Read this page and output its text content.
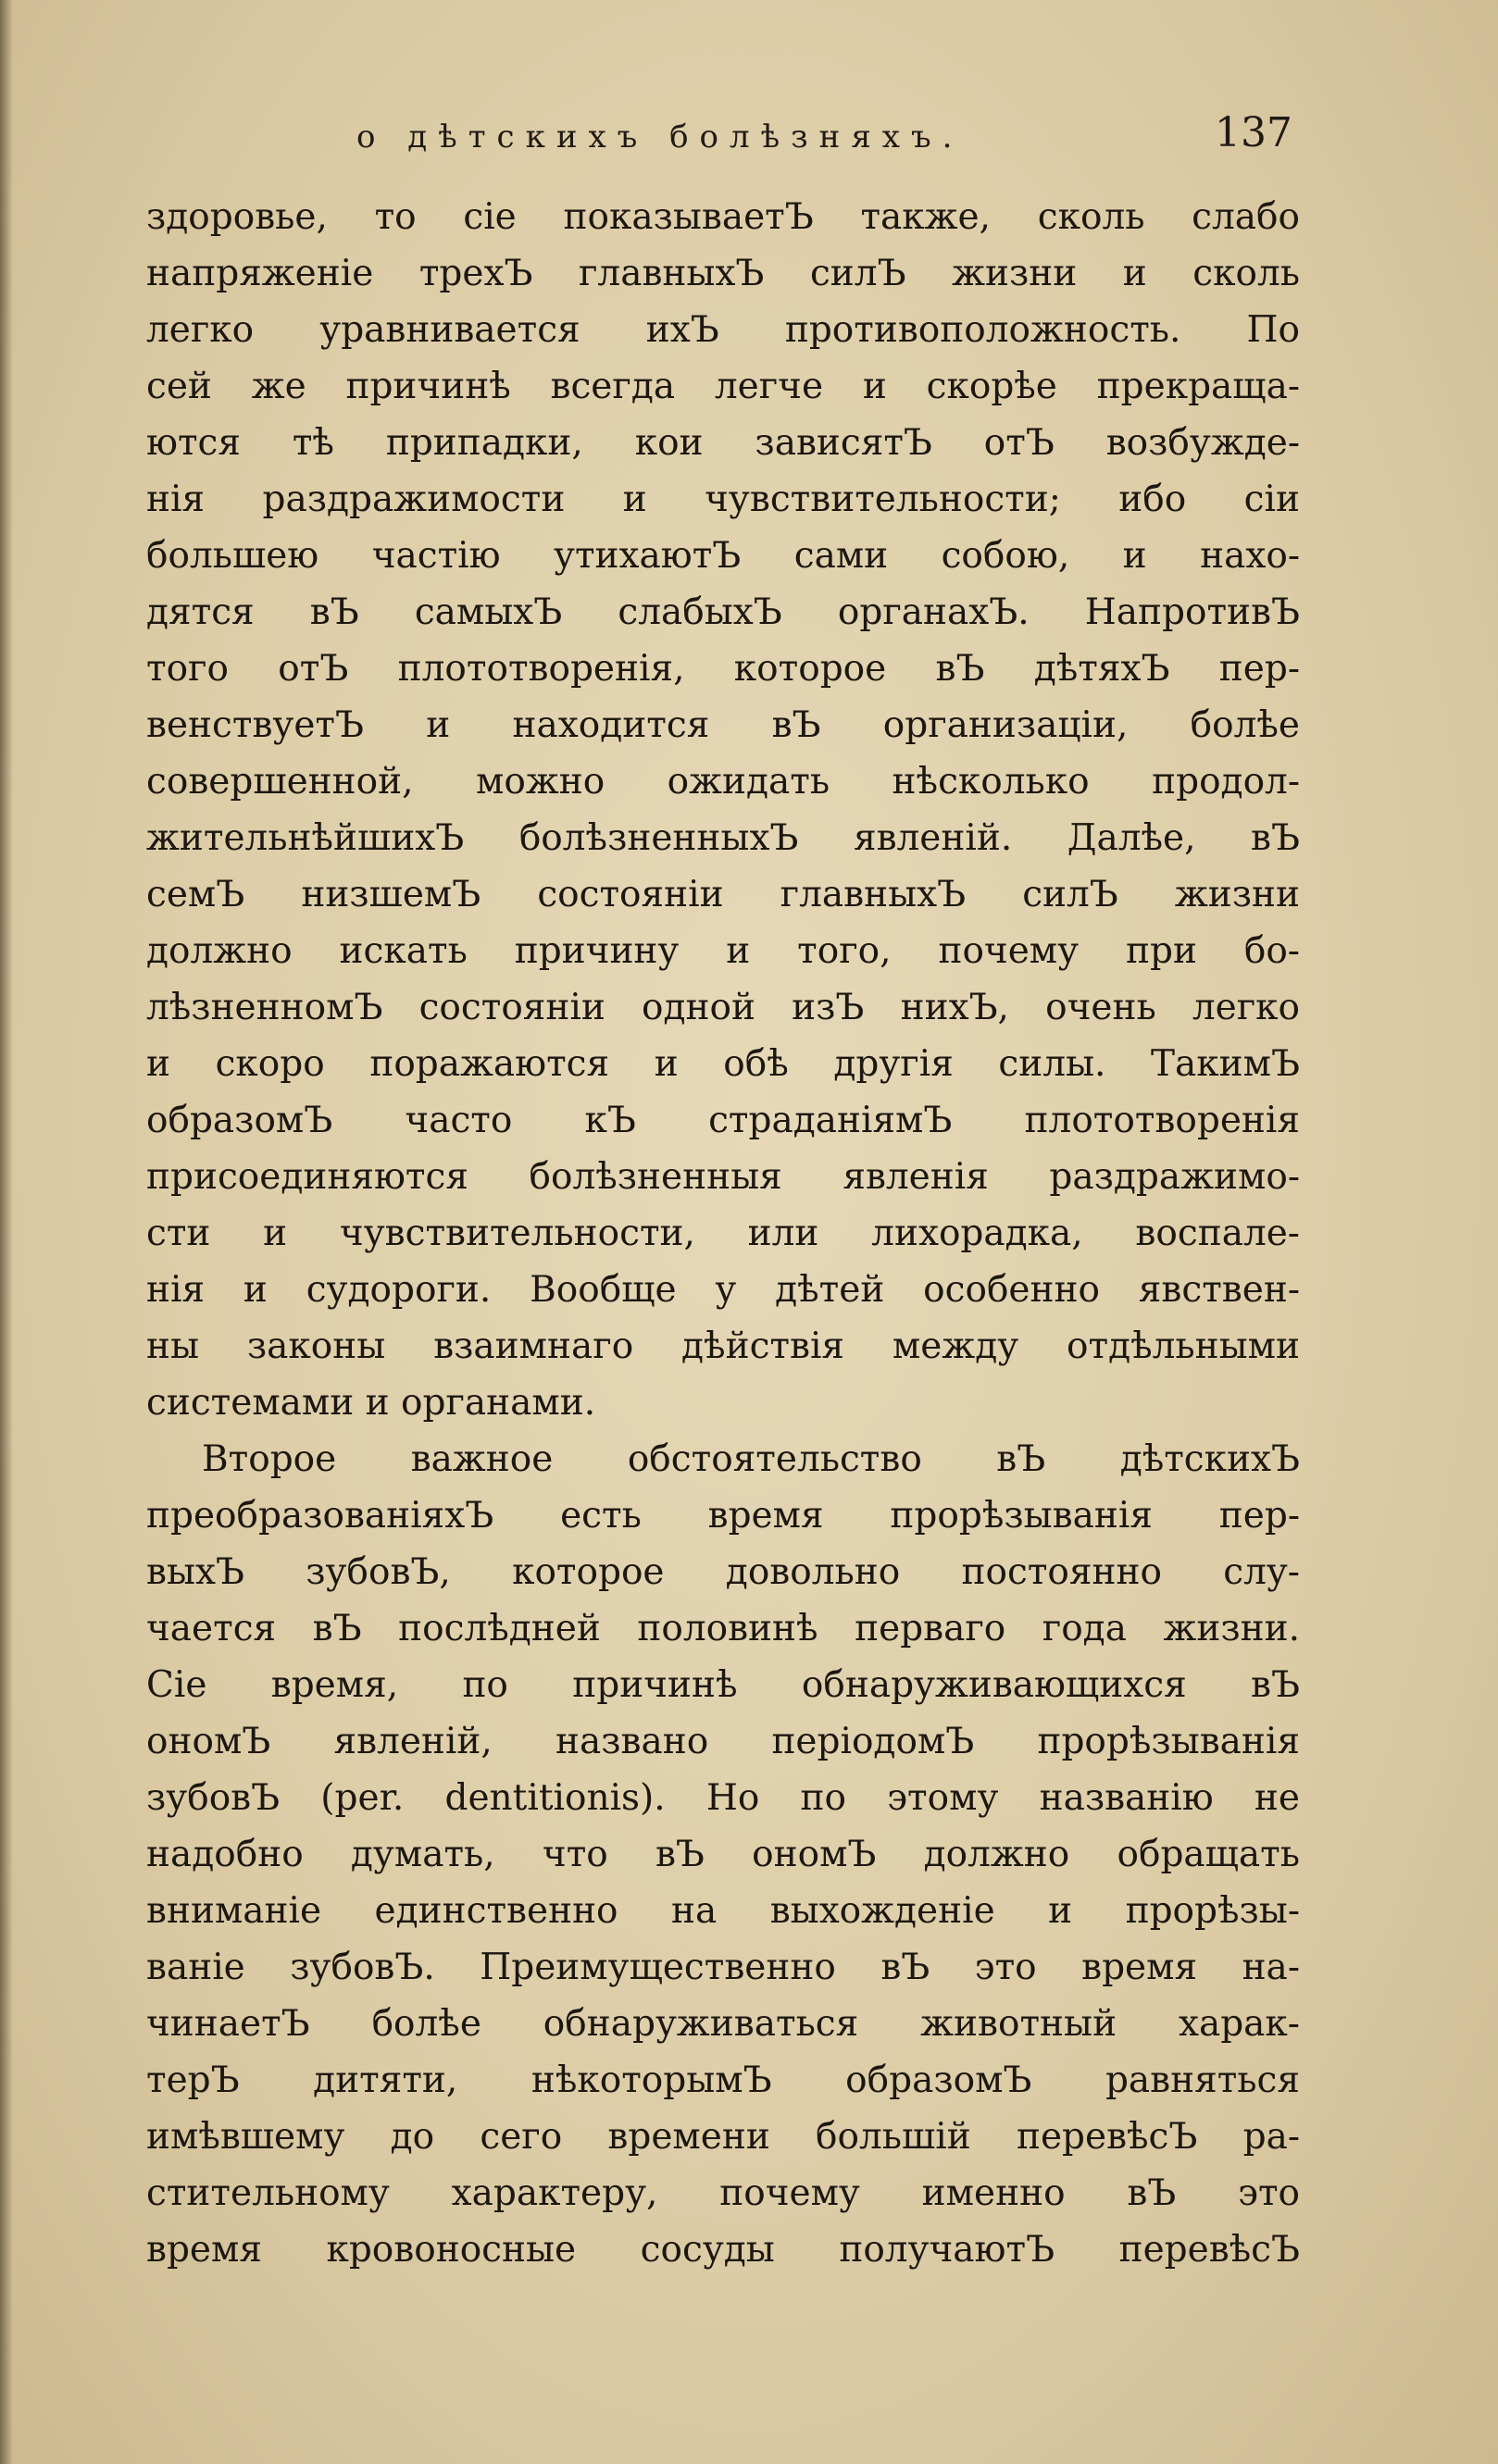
о дѣтскихъ болѣзняхъ.	137
здоровье, то сіе показываетЪ также, сколь слабо
напряженіе трехЪ главныхЪ силЪ жизни и сколь
легко уравнивается ихЪ противоположность. По
сей же причинѣ всегда легче и скорѣе прекраща-
ются тѣ припадки, кои зависятЪ отЪ возбужде-
нія раздражимости и чувствительности; ибо сіи
большею частію утихаютЪ сами собою, и нахо-
дятся вЪ самыхЪ слабыхЪ органахЪ. НапротивЪ
того отЪ плототворенія, которое вЪ дѣтяхЪ пер-
венствуетЪ и находится вЪ организаціи, болѣе
совершенной, можно ожидать нѣсколько продол-
жительнѣйшихЪ болѣзненныхЪ явленій. Далѣе, вЪ
семЪ низшемЪ состояніи главныхЪ силЪ жизни
должно искать причину и того, почему при бо-
лѣзненномЪ состояніи одной изЪ нихЪ, очень легко
и скоро поражаются и обѣ другія силы. ТакимЪ
образомЪ часто кЪ страданіямЪ плототворенія
присоединяются болѣзненныя явленія раздражимо-
сти и чувствительности, или лихорадка, воспале-
нія и судороги. Вообще у дѣтей особенно явствен-
ны законы взаимнаго дѣйствія между отдѣльными
системами и органами.
Второе важное обстоятельство вЪ дѣтскихЪ
преобразованіяхЪ есть время прорѣзыванія пер-
выхЪ зубовЪ, которое довольно постоянно слу-
чается вЪ послѣдней половинѣ перваго года жизни.
Сіе время, по причинѣ обнаруживающихся вЪ
ономЪ явленій, названо періодомЪ прорѣзыванія
зубовЪ (per. dentitionis). Но по этому названію не
надобно думать, что вЪ ономЪ должно обращать
вниманіе единственно на выхожденіе и прорѣзы-
ваніе зубовЪ. Преимущественно вЪ это время на-
чинаетЪ болѣе обнаруживаться животный харак-
терЪ дитяти, нѣкоторымЪ образомЪ равняться
имѣвшему до сего времени большій перевѣсЪ ра-
стительному характеру, почему именно вЪ это
время кровоносные сосуды получаютЪ перевѣсЪ
